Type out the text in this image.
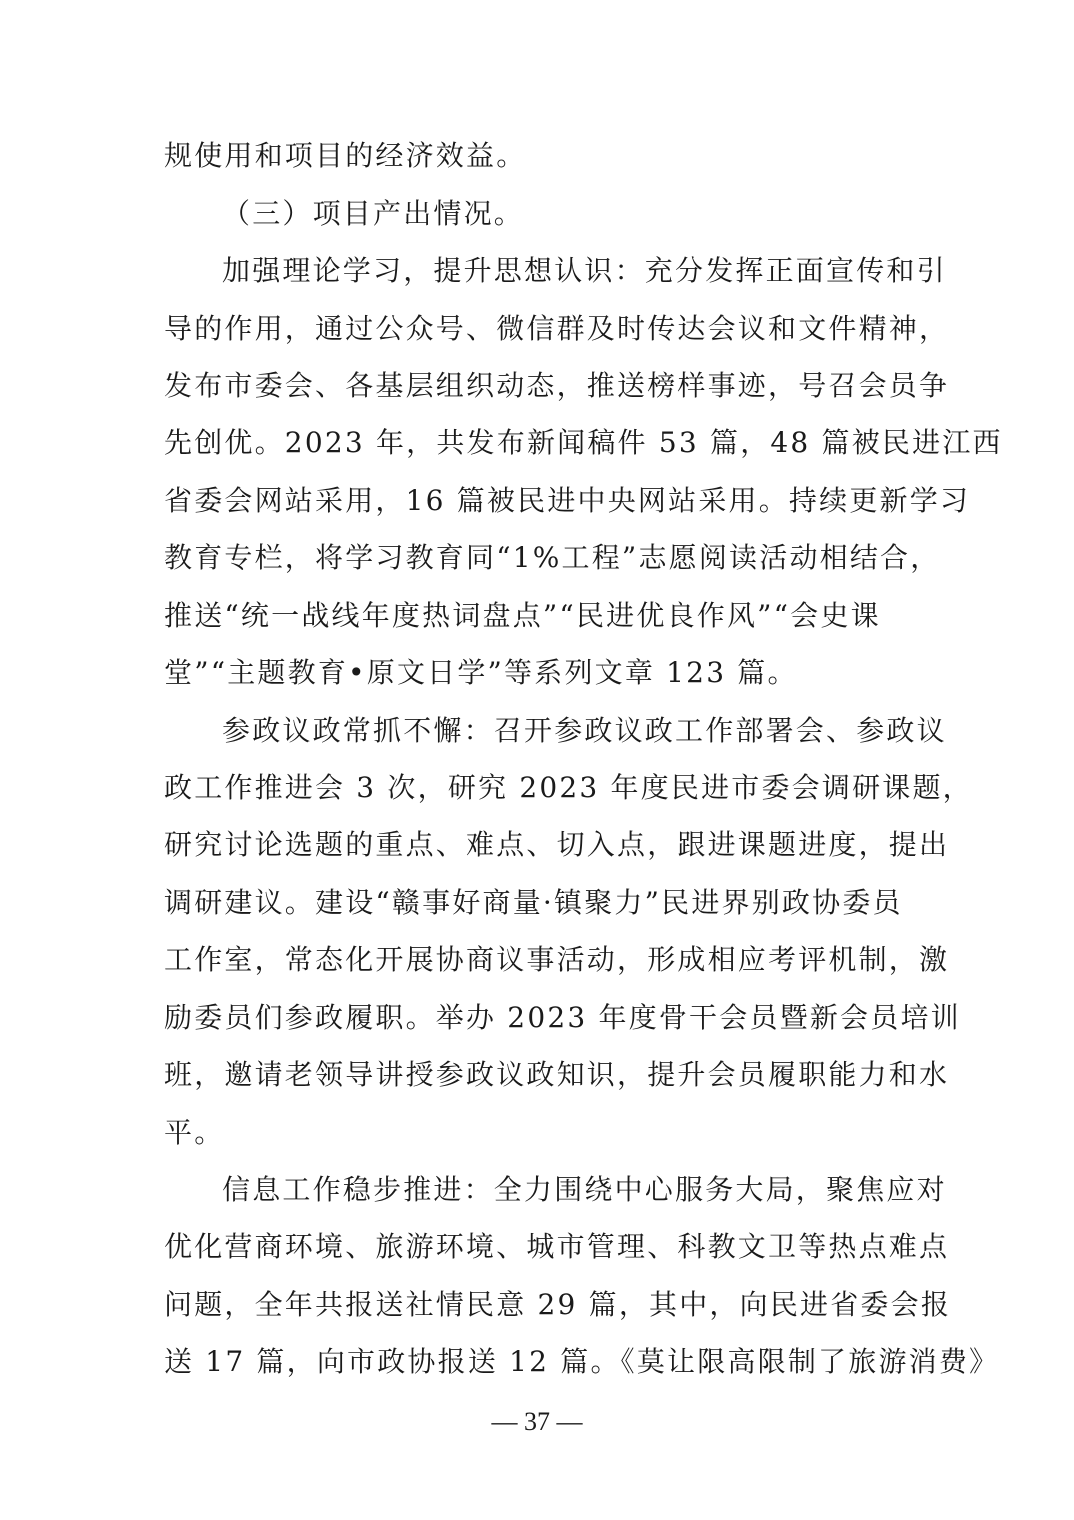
规使用和项目的经济效益。
（三）项目产出情况。
加强理论学习，提升思想认识：充分发挥正面宣传和引
导的作用，通过公众号、微信群及时传达会议和文件精神，
发布市委会、各基层组织动态，推送榜样事迹，号召会员争
先创优。2023 年，共发布新闻稿件 53 篇，48 篇被民进江西
省委会网站采用，16 篇被民进中央网站采用。持续更新学习
教育专栏，将学习教育同“1%工程”志愿阅读活动相结合，
推送“统一战线年度热词盘点”“民进优良作风”“会史课
堂”“主题教育•原文日学”等系列文章 123 篇。
参政议政常抓不懈：召开参政议政工作部署会、参政议
政工作推进会 3 次，研究 2023 年度民进市委会调研课题，
研究讨论选题的重点、难点、切入点，跟进课题进度，提出
调研建议。建设“赣事好商量·镇聚力”民进界别政协委员
工作室，常态化开展协商议事活动，形成相应考评机制，激
励委员们参政履职。举办 2023 年度骨干会员暨新会员培训
班，邀请老领导讲授参政议政知识，提升会员履职能力和水
平。
信息工作稳步推进：全力围绕中心服务大局，聚焦应对
优化营商环境、旅游环境、城市管理、科教文卫等热点难点
问题，全年共报送社情民意 29 篇，其中，向民进省委会报
送 17 篇，向市政协报送 12 篇。《莫让限高限制了旅游消费》
— 37 —
